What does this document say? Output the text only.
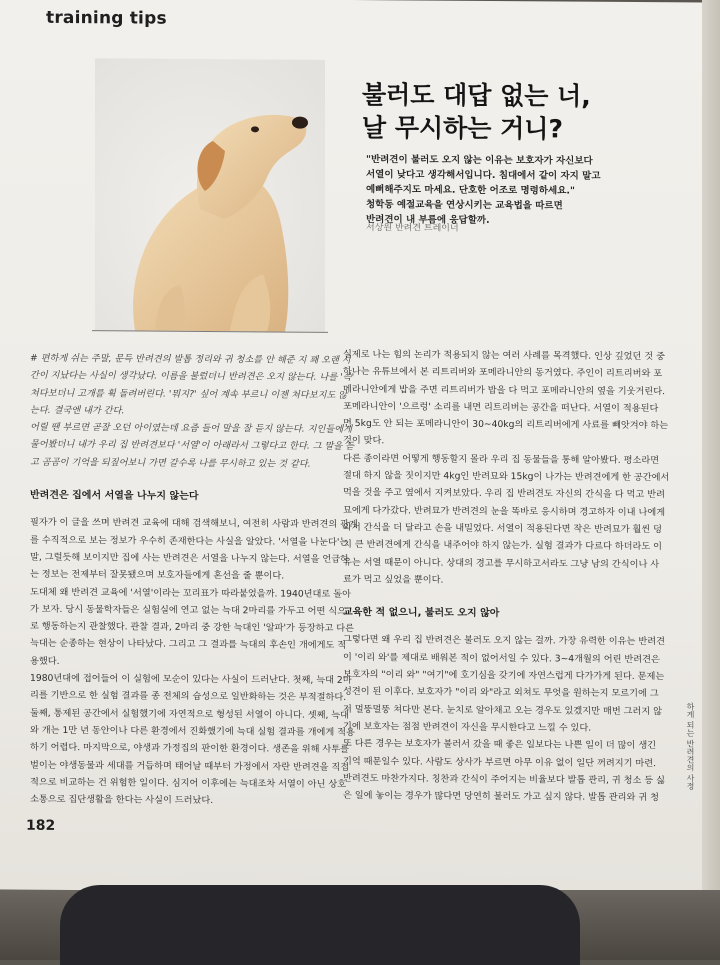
training tips
불러도 대답 없는 너,
날 무시하는 거니?
"반려견이 불러도 오지 않는 이유는 보호자가 자신보다
서열이 낮다고 생각해서입니다. 침대에서 같이 자지 말고
예뻐해주지도 마세요. 단호한 어조로 명령하세요."
청학동 예절교육을 연상시키는 교육법을 따르면
반려견이 내 부름에 응답할까.
서상원 반려견 트레이너

# 편하게 쉬는 주말, 문득 반려견의 발톱 정리와 귀 청소를 안 해준 지 꽤 오랜 시
간이 지났다는 사실이 생각났다. 이름을 불렀더니 반려견은 오지 않는다. 나를 '쓱'
쳐다보더니 고개를 휙 돌려버린다. '뭐지?' 싶어 계속 부르니 이젠 쳐다보지도 않
는다. 결국엔 내가 간다.
어릴 땐 부르면 곧잘 오던 아이였는데 요즘 들어 말을 잘 듣지 않는다. 지인들에게
물어봤더니 내가 우리 집 반려견보다 '서열'이 아래라서 그렇다고 한다. 그 말을 듣
고 곰곰이 기억을 되짚어보니 가면 갈수록 나를 무시하고 있는 것 같다.

반려견은 집에서 서열을 나누지 않는다

필자가 이 글을 쓰며 반려견 교육에 대해 검색해보니, 여전히 사람과 반려견의 관계
를 수직적으로 보는 정보가 우수히 존재한다는 사실을 알았다. '서열을 나눈다'는
말, 그럴듯해 보이지만 집에 사는 반려견은 서열을 나누지 않는다. 서열을 언급하
는 정보는 전제부터 잘못됐으며 보호자들에게 혼선을 줄 뿐이다.
도대체 왜 반려견 교육에 '서열'이라는 꼬리표가 따라붙었을까. 1940년대로 돌아
가 보자. 당시 동물학자들은 실험실에 연고 없는 늑대 2마리를 가두고 어떤 식으
로 행동하는지 관찰했다. 관찰 결과, 2마리 중 강한 늑대인 '알파'가 등장하고 다른
늑대는 순종하는 현상이 나타났다. 그리고 그 결과를 늑대의 후손인 개에게도 적
용했다.
1980년대에 접어들어 이 실험에 모순이 있다는 사실이 드러난다. 첫째, 늑대 2마
리를 기반으로 한 실험 결과를 종 전체의 습성으로 일반화하는 것은 부적절하다.
둘째, 통제된 공간에서 실험했기에 자연적으로 형성된 서열이 아니다. 셋째, 늑대
와 개는 1만 년 동안이나 다른 환경에서 진화했기에 늑대 실험 결과를 개에게 적용
하기 어렵다. 마지막으로, 야생과 가정집의 판이한 환경이다. 생존을 위해 사투를
벌이는 야생동물과 세대를 거듭하며 태어날 때부터 가정에서 자란 반려견을 직접
적으로 비교하는 건 위험한 일이다. 심지어 이후에는 늑대조차 서열이 아닌 상호
소통으로 집단생활을 한다는 사실이 드러났다.

실제로 나는 힘의 논리가 적용되지 않는 여러 사례를 목격했다. 인상 깊었던 것 중
하나는 유튜브에서 본 리트리버와 포메라니안의 동거였다. 주인이 리트리버와 포
메라니안에게 밥을 주면 리트리버가 밥을 다 먹고 포메라니안의 옆을 기웃거린다.
포메라니안이 '으르렁' 소리를 내면 리트리버는 공간을 떠난다. 서열이 적용된다
면 5kg도 안 되는 포메라니안이 30~40kg의 리트리버에게 사료를 빼앗겨야 하는
것이 맞다.
다른 종이라면 어떻게 행동할지 몰라 우리 집 동물들을 통해 알아봤다. 평소라면
절대 하지 않을 짓이지만 4kg인 반려묘와 15kg이 나가는 반려견에게 한 공간에서
먹을 것을 주고 옆에서 지켜보았다. 우리 집 반려견도 자신의 간식을 다 먹고 반려
묘에게 다가갔다. 반려묘가 반려견의 눈을 똑바로 응시하며 경고하자 이내 나에게
와서 간식을 더 달라고 손을 내밀었다. 서열이 적용된다면 작은 반려묘가 훨씬 덩
치 큰 반려견에게 간식을 내주어야 하지 않는가. 실험 결과가 다르다 하더라도 이
유는 서열 때문이 아니다. 상대의 경고를 무시하고서라도 그냥 남의 간식이나 사
료가 먹고 싶었을 뿐이다.

교육한 적 없으니, 불러도 오지 않아

그렇다면 왜 우리 집 반려견은 불러도 오지 않는 걸까. 가장 유력한 이유는 반려견
이 '이리 와'를 제대로 배워본 적이 없어서일 수 있다. 3~4개월의 어린 반려견은
보호자의 "이리 와" "여기"에 호기심을 갖기에 자연스럽게 다가가게 된다. 문제는
성견이 된 이후다. 보호자가 "이리 와"라고 외쳐도 무엇을 원하는지 모르기에 그
저 멀뚱멀뚱 쳐다만 본다. 눈치로 알아채고 오는 경우도 있겠지만 매번 그러지 않
기에 보호자는 점점 반려견이 자신을 무시한다고 느낄 수 있다.
또 다른 경우는 보호자가 불러서 갔을 때 좋은 일보다는 나쁜 일이 더 많이 생긴
기억 때문일수 있다. 사람도 상사가 부르면 아무 이유 없이 일단 꺼려지기 마련.
반려견도 마찬가지다. 칭찬과 간식이 주어지는 비율보다 발톱 관리, 귀 청소 등 싫
은 일에 놓이는 경우가 많다면 당연히 불러도 가고 싶지 않다. 발톱 관리와 귀 청

182
하게 되는 반려견의 사정
